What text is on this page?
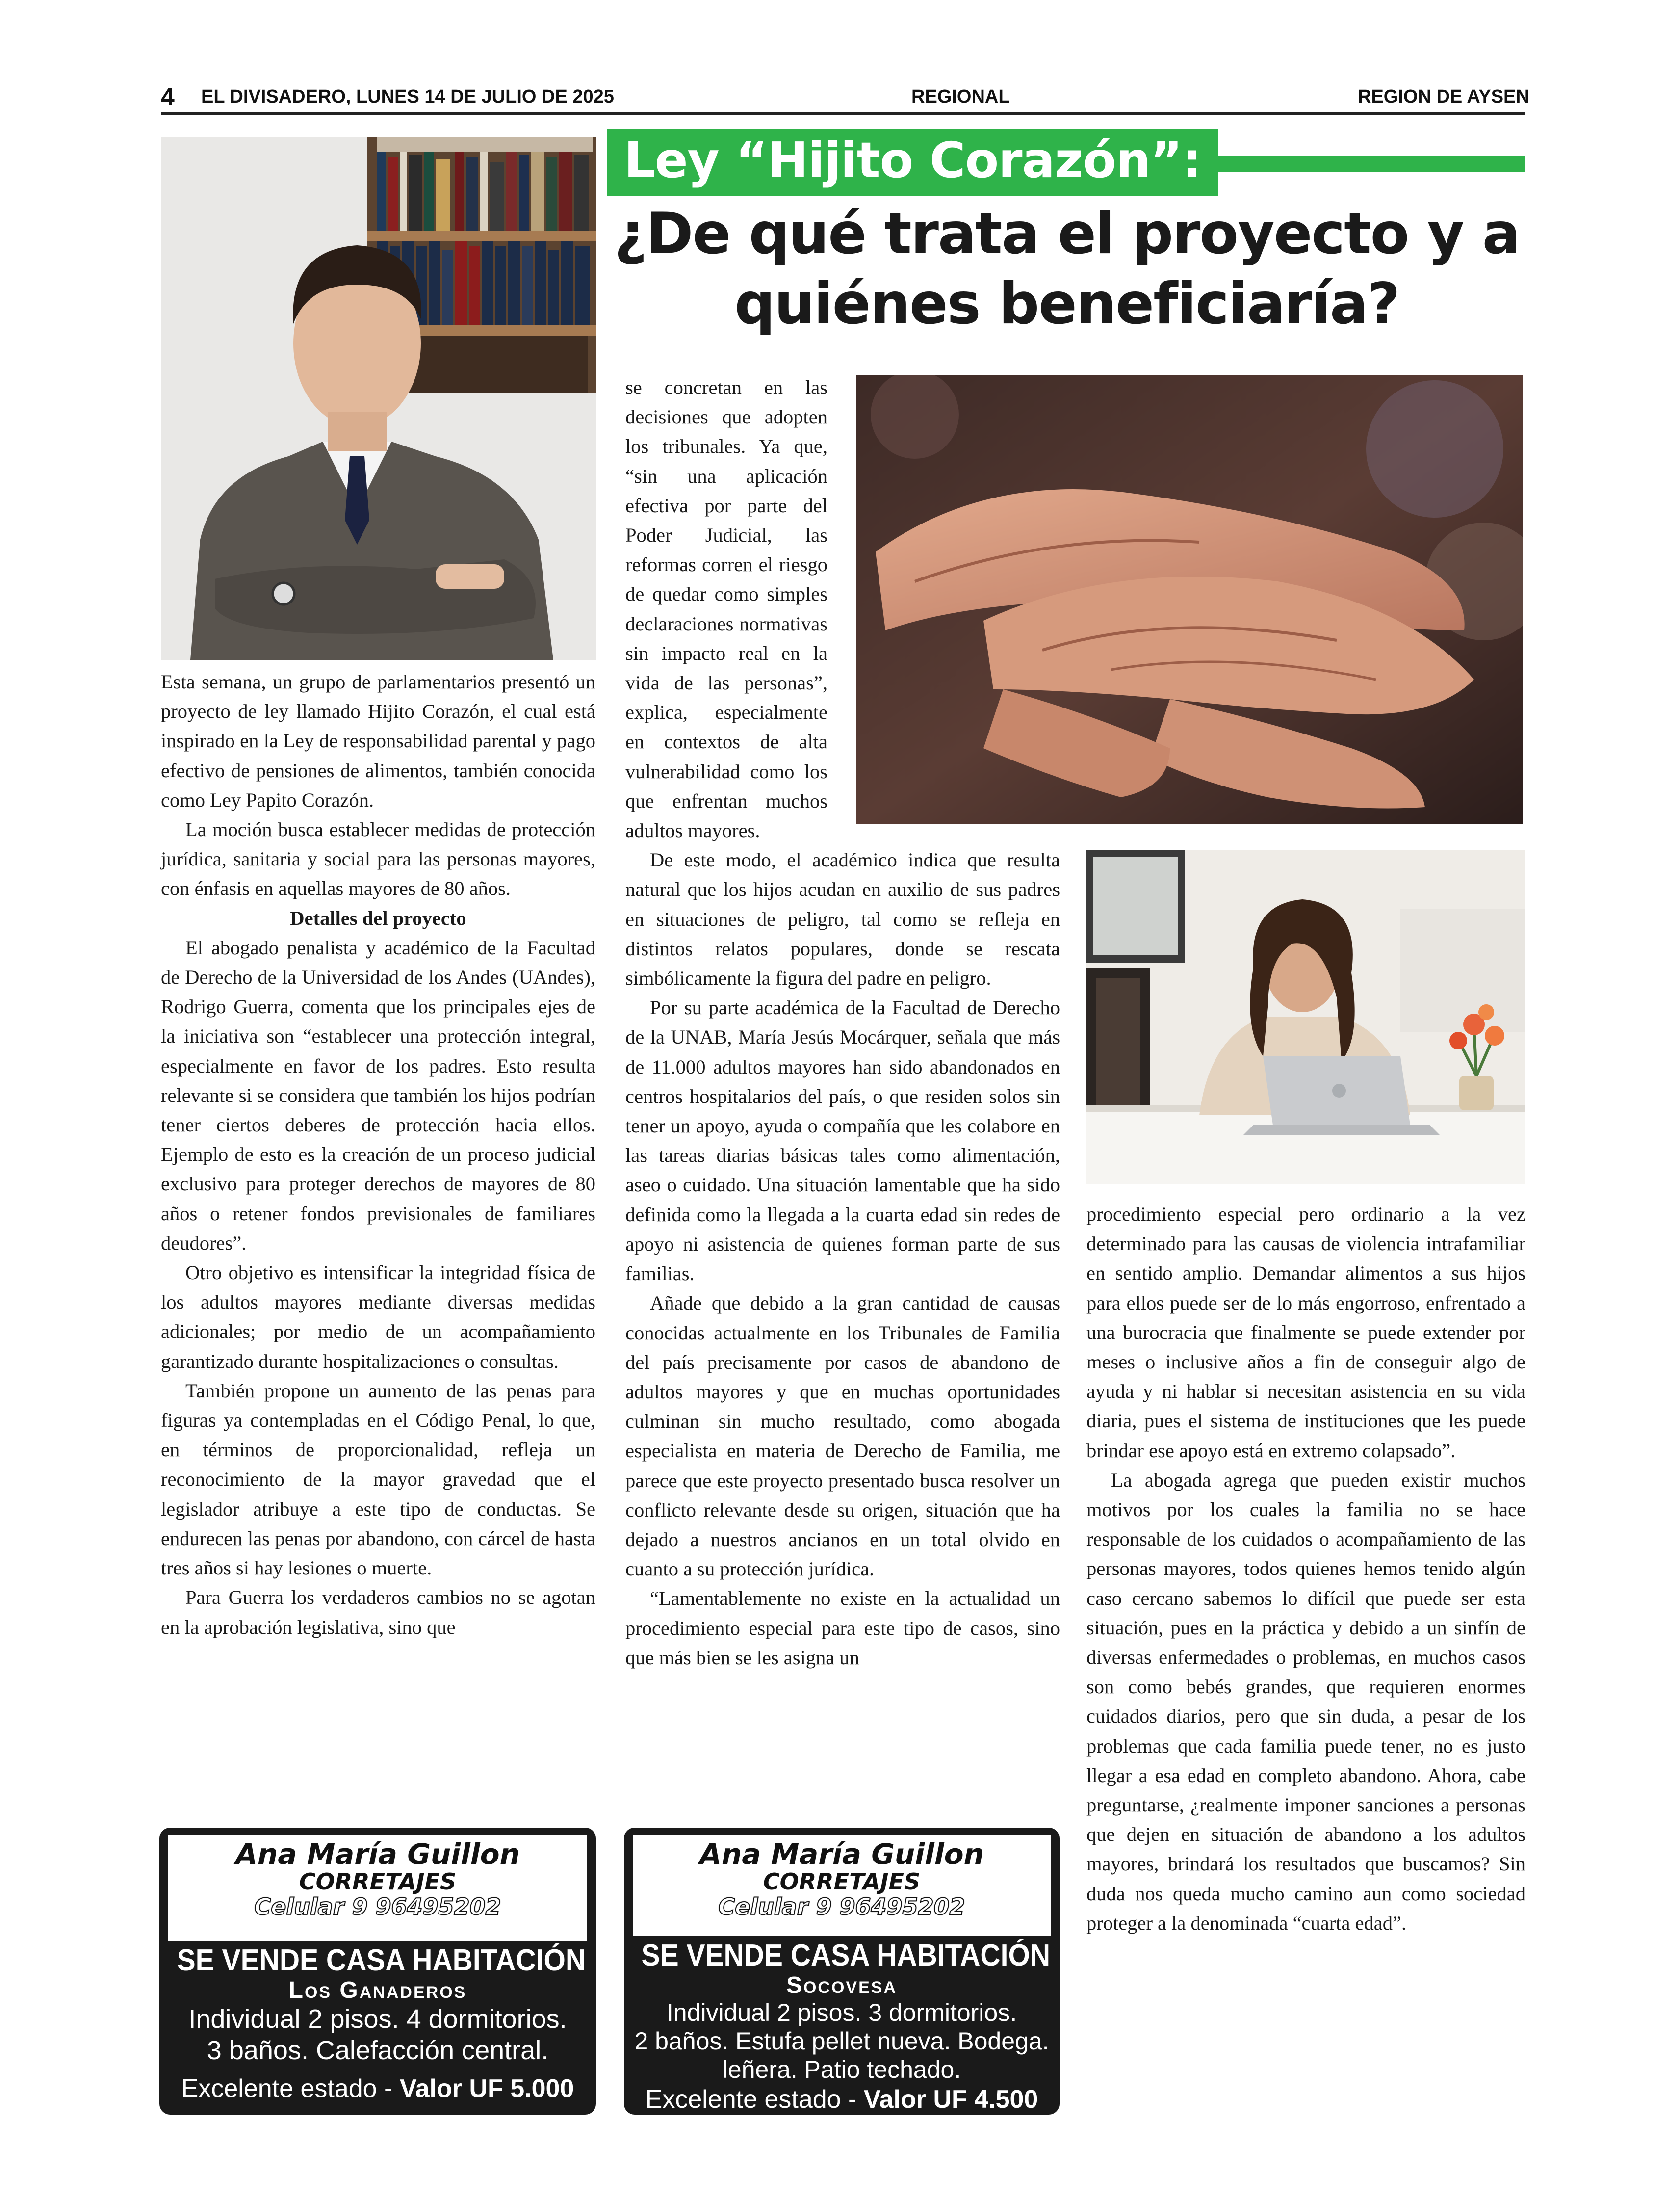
4 EL DIVISADERO, LUNES 14 DE JULIO DE 2025	REGIONAL	REGION DE AYSEN
Ley “Hijito Corazón”:
¿De qué trata el proyecto y a quiénes beneficiaría?

Esta semana, un grupo de parlamentarios presentó un proyecto de ley llamado Hijito Corazón, el cual está inspirado en la Ley de responsabilidad parental y pago efectivo de pensiones de alimentos, también conocida como Ley Papito Corazón.

La moción busca establecer medidas de protección jurídica, sanitaria y social para las personas mayores, con énfasis en aquellas mayores de 80 años.

Detalles del proyecto

El abogado penalista y académico de la Facultad de Derecho de la Universidad de los Andes (UAndes), Rodrigo Guerra, comenta que los principales ejes de la iniciativa son “establecer una protección integral, especialmente en favor de los padres. Esto resulta relevante si se considera que también los hijos podrían tener ciertos deberes de protección hacia ellos. Ejemplo de esto es la creación de un proceso judicial exclusivo para proteger derechos de mayores de 80 años o retener fondos previsionales de familiares deudores”.

Otro objetivo es intensificar la integridad física de los adultos mayores mediante diversas medidas adicionales; por medio de un acompañamiento garantizado durante hospitalizaciones o consultas.

También propone un aumento de las penas para figuras ya contempladas en el Código Penal, lo que, en términos de proporcionalidad, refleja un reconocimiento de la mayor gravedad que el legislador atribuye a este tipo de conductas. Se endurecen las penas por abandono, con cárcel de hasta tres años si hay lesiones o muerte.

Para Guerra los verdaderos cambios no se agotan en la aprobación legislativa, sino que

se concretan en las decisiones que adopten los tribunales. Ya que, “sin una aplicación efectiva por parte del Poder Judicial, las reformas corren el riesgo de quedar como simples declaraciones normativas sin impacto real en la vida de las personas”, explica, especialmente en contextos de alta vulnerabilidad como los que enfrentan muchos adultos mayores.

De este modo, el académico indica que resulta natural que los hijos acudan en auxilio de sus padres en situaciones de peligro, tal como se refleja en distintos relatos populares, donde se rescata simbólicamente la figura del padre en peligro.

Por su parte académica de la Facultad de Derecho de la UNAB, María Jesús Mocárquer, señala que más de 11.000 adultos mayores han sido abandonados en centros hospitalarios del país, o que residen solos sin tener un apoyo, ayuda o compañía que les colabore en las tareas diarias básicas tales como alimentación, aseo o cuidado. Una situación lamentable que ha sido definida como la llegada a la cuarta edad sin redes de apoyo ni asistencia de quienes forman parte de sus familias.

Añade que debido a la gran cantidad de causas conocidas actualmente en los Tribunales de Familia del país precisamente por casos de abandono de adultos mayores y que en muchas oportunidades culminan sin mucho resultado, como abogada especialista en materia de Derecho de Familia, me parece que este proyecto presentado busca resolver un conflicto relevante desde su origen, situación que ha dejado a nuestros ancianos en un total olvido en cuanto a su protección jurídica.

“Lamentablemente no existe en la actualidad un procedimiento especial para este tipo de casos, sino que más bien se les asigna un

procedimiento especial pero ordinario a la vez determinado para las causas de violencia intrafamiliar en sentido amplio. Demandar alimentos a sus hijos para ellos puede ser de lo más engorroso, enfrentado a una burocracia que finalmente se puede extender por meses o inclusive años a fin de conseguir algo de ayuda y ni hablar si necesitan asistencia en su vida diaria, pues el sistema de instituciones que les puede brindar ese apoyo está en extremo colapsado”.

La abogada agrega que pueden existir muchos motivos por los cuales la familia no se hace responsable de los cuidados o acompañamiento de las personas mayores, todos quienes hemos tenido algún caso cercano sabemos lo difícil que puede ser esta situación, pues en la práctica y debido a un sinfín de diversas enfermedades o problemas, en muchos casos son como bebés grandes, que requieren enormes cuidados diarios, pero que sin duda, a pesar de los problemas que cada familia puede tener, no es justo llegar a esa edad en completo abandono. Ahora, cabe preguntarse, ¿realmente imponer sanciones a personas que dejen en situación de abandono a los adultos mayores, brindará los resultados que buscamos? Sin duda nos queda mucho camino aun como sociedad proteger a la denominada “cuarta edad”.

Ana María Guillon
CORRETAJES
Celular 9 96495202
SE VENDE CASA HABITACIÓN
Los Ganaderos
Individual 2 pisos. 4 dormitorios.
3 baños. Calefacción central.
Excelente estado - Valor UF 5.000
Ana María Guillon
CORRETAJES
Celular 9 96495202
SE VENDE CASA HABITACIÓN
Socovesa
Individual 2 pisos. 3 dormitorios.
2 baños. Estufa pellet nueva. Bodega.
leñera. Patio techado.
Excelente estado - Valor UF 4.500
